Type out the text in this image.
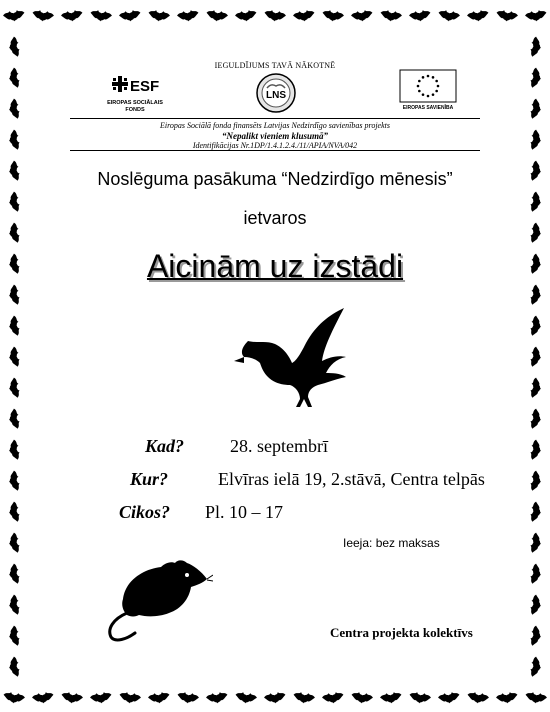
IEGULDĪJUMS TAVĀ NĀKOTNĒ
ESF
EIROPAS SOCIĀLAIS
FONDS
LNS
EIROPAS SAVIENĪBA
Eiropas Sociālā fonda finansēts Latvijas Nedzirdīgo savienības projekts
“Nepalikt vieniem klusumā”
Identifikācijas Nr.1DP/1.4.1.2.4./11/APIA/NVA/042
Noslēguma pasākuma “Nedzirdīgo mēnesis”
ietvaros
Aicinām uz izstādi
Kad?	28. septembrī
Kur?	Elvīras ielā 19, 2.stāvā, Centra telpās
Cikos? Pl. 10 – 17
Ieeja: bez maksas
Centra projekta kolektīvs
